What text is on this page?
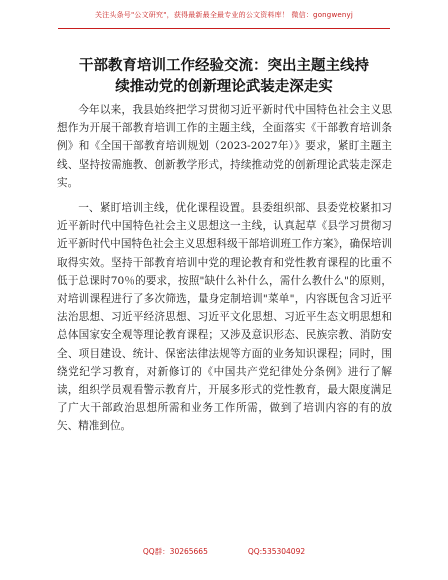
关注头条号"公文研究"，获得最新最全最专业的公文资料库！ 微信：gongwenyj
干部教育培训工作经验交流：突出主题主线持
续推动党的创新理论武装走深走实

今年以来，我县始终把学习贯彻习近平新时代中国特色社会主义思想作为开展干部教育培训工作的主题主线，全面落实《干部教育培训条例》和《全国干部教育培训规划（2023-2027年）》要求，紧盯主题主线、坚持按需施教、创新教学形式，持续推动党的创新理论武装走深走实。

一、紧盯培训主线，优化课程设置。县委组织部、县委党校紧扣习近平新时代中国特色社会主义思想这一主线，认真起草《县学习贯彻习近平新时代中国特色社会主义思想科级干部培训班工作方案》，确保培训取得实效。坚持干部教育培训中党的理论教育和党性教育课程的比重不低于总课时70％的要求，按照"缺什么补什么，需什么教什么"的原则，对培训课程进行了多次筛选，量身定制培训"菜单"，内容既包含习近平法治思想、习近平经济思想、习近平文化思想、习近平生态文明思想和总体国家安全观等理论教育课程；又涉及意识形态、民族宗教、消防安全、项目建设、统计、保密法律法规等方面的业务知识课程；同时，围绕党纪学习教育，对新修订的《中国共产党纪律处分条例》进行了解读，组织学员观看警示教育片，开展多形式的党性教育，最大限度满足了广大干部政治思想所需和业务工作所需，做到了培训内容的有的放矢、精准到位。

QQ群：30265665	QQ:535304092
